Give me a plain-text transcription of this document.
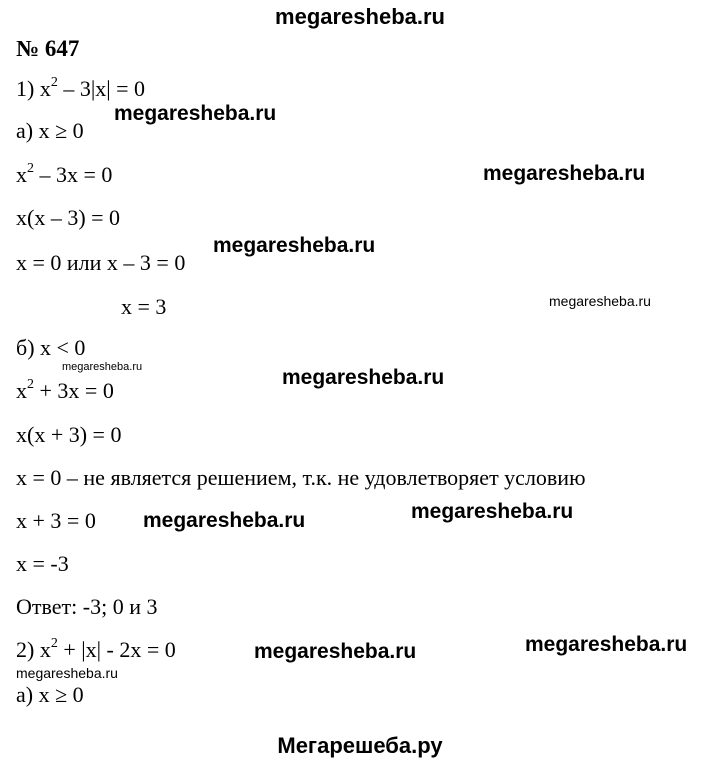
megaresheba.ru
№ 647
1) $x^2 - 3|x| = 0$
а) x ≥ 0
$x^2 - 3x = 0$
x(x – 3) = 0
x = 0 или x – 3 = 0
x = 3
б) x < 0
$x^2 + 3x = 0$
x(x + 3) = 0
x = 0 – не является решением, т.к. не удовлетворяет условию
x + 3 = 0
x = -3
Ответ: -3; 0 и 3
2) $x^2 + |x| - 2x = 0$
а) x ≥ 0
megaresheba.ru
megaresheba.ru
megaresheba.ru
megaresheba.ru
megaresheba.ru	megaresheba.ru
megaresheba.ru
megaresheba.ru
megaresheba.ru
megaresheba.ru
megaresheba.ru
Мегарешеба.ру
